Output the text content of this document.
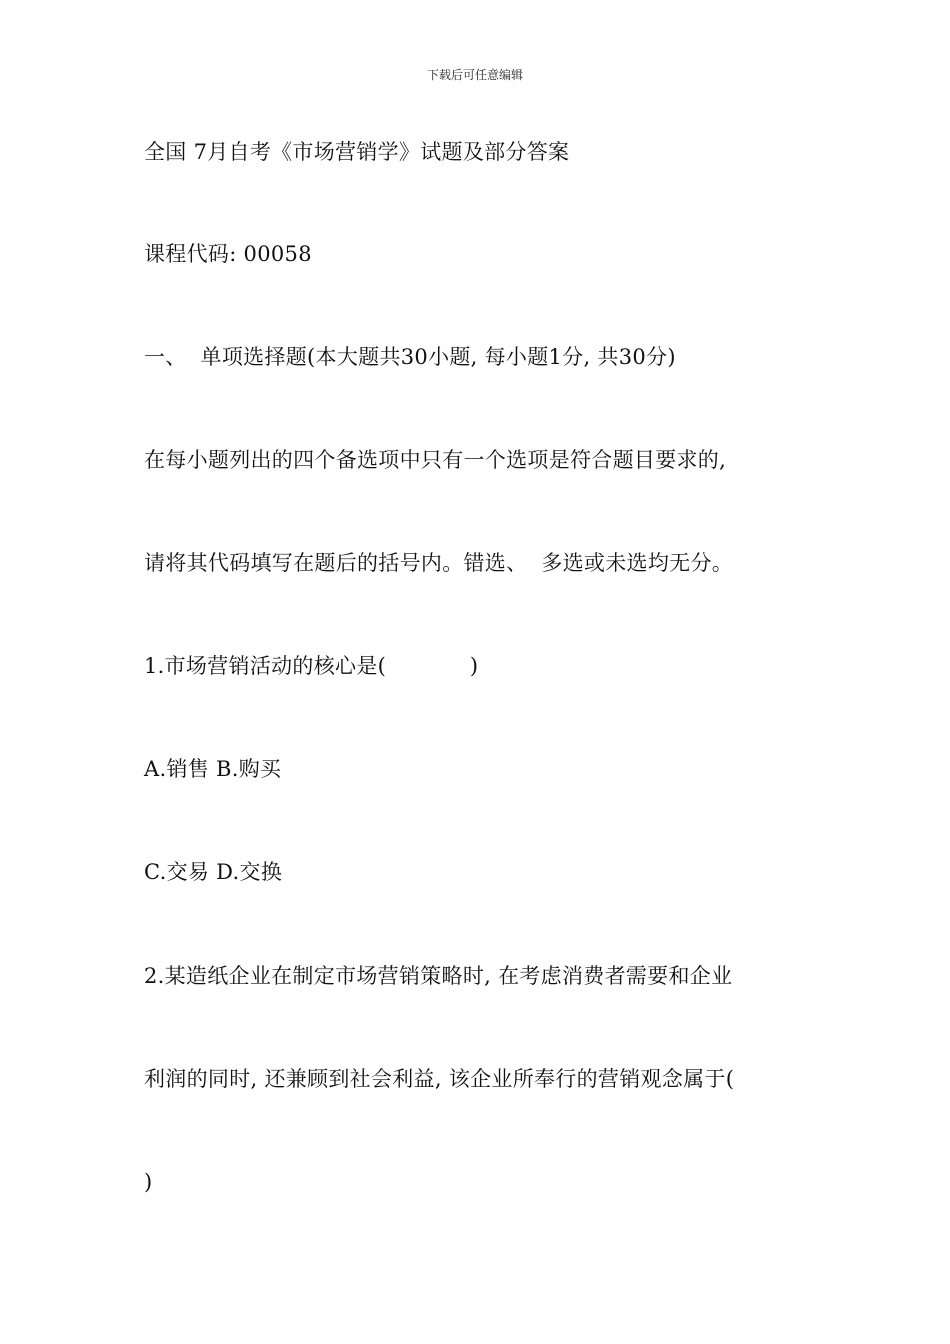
下载后可任意编辑
全国 7月自考《市场营销学》试题及部分答案
课程代码: 00058
一、  单项选择题(本大题共30小题, 每小题1分, 共30分)
在每小题列出的四个备选项中只有一个选项是符合题目要求的,
请将其代码填写在题后的括号内。错选、  多选或未选均无分。
1.市场营销活动的核心是(            )
A.销售 B.购买
C.交易 D.交换
2.某造纸企业在制定市场营销策略时, 在考虑消费者需要和企业
利润的同时, 还兼顾到社会利益, 该企业所奉行的营销观念属于(
)
